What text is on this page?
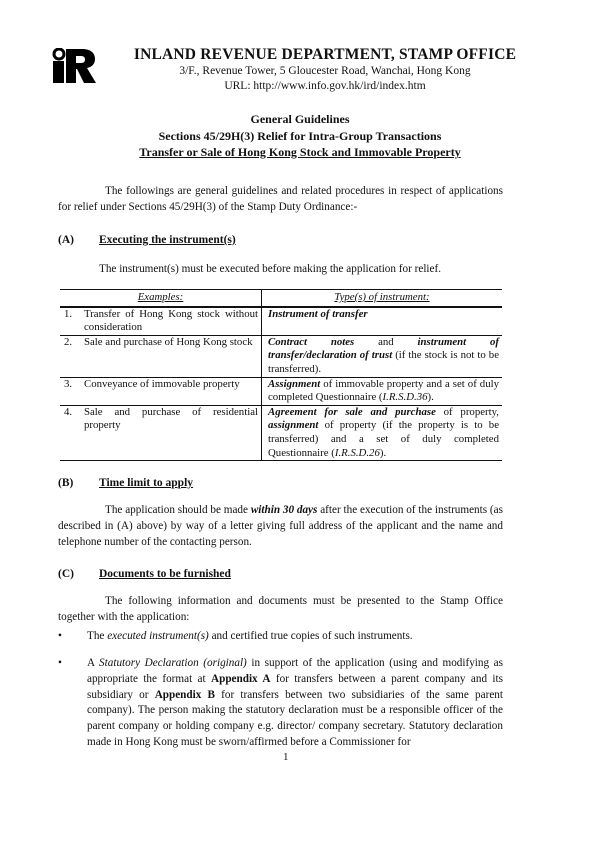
INLAND REVENUE DEPARTMENT, STAMP OFFICE
3/F., Revenue Tower, 5 Gloucester Road, Wanchai, Hong Kong
URL: http://www.info.gov.hk/ird/index.htm
General Guidelines
Sections 45/29H(3) Relief for Intra-Group Transactions
Transfer or Sale of Hong Kong Stock and Immovable Property
The followings are general guidelines and related procedures in respect of applications for relief under Sections 45/29H(3) of the Stamp Duty Ordinance:-
(A) Executing the instrument(s)
The instrument(s) must be executed before making the application for relief.
Examples:		Type(s) of instrument:
1.	Transfer of Hong Kong stock without consideration	Instrument of transfer
2.	Sale and purchase of Hong Kong stock	Contract notes and instrument of transfer/declaration of trust (if the stock is not to be transferred).
3.	Conveyance of immovable property	Assignment of immovable property and a set of duly completed Questionnaire (I.R.S.D.36).
4.	Sale and purchase of residential property	Agreement for sale and purchase of property, assignment of property (if the property is to be transferred) and a set of duly completed Questionnaire (I.R.S.D.26).
(B) Time limit to apply
The application should be made within 30 days after the execution of the instruments (as described in (A) above) by way of a letter giving full address of the applicant and the name and telephone number of the contacting person.
(C) Documents to be furnished
The following information and documents must be presented to the Stamp Office together with the application:
• The executed instrument(s) and certified true copies of such instruments.
• A Statutory Declaration (original) in support of the application (using and modifying as appropriate the format at Appendix A for transfers between a parent company and its subsidiary or Appendix B for transfers between two subsidiaries of the same parent company). The person making the statutory declaration must be a responsible officer of the parent company or holding company e.g. director/ company secretary. Statutory declaration made in Hong Kong must be sworn/affirmed before a Commissioner for
1
